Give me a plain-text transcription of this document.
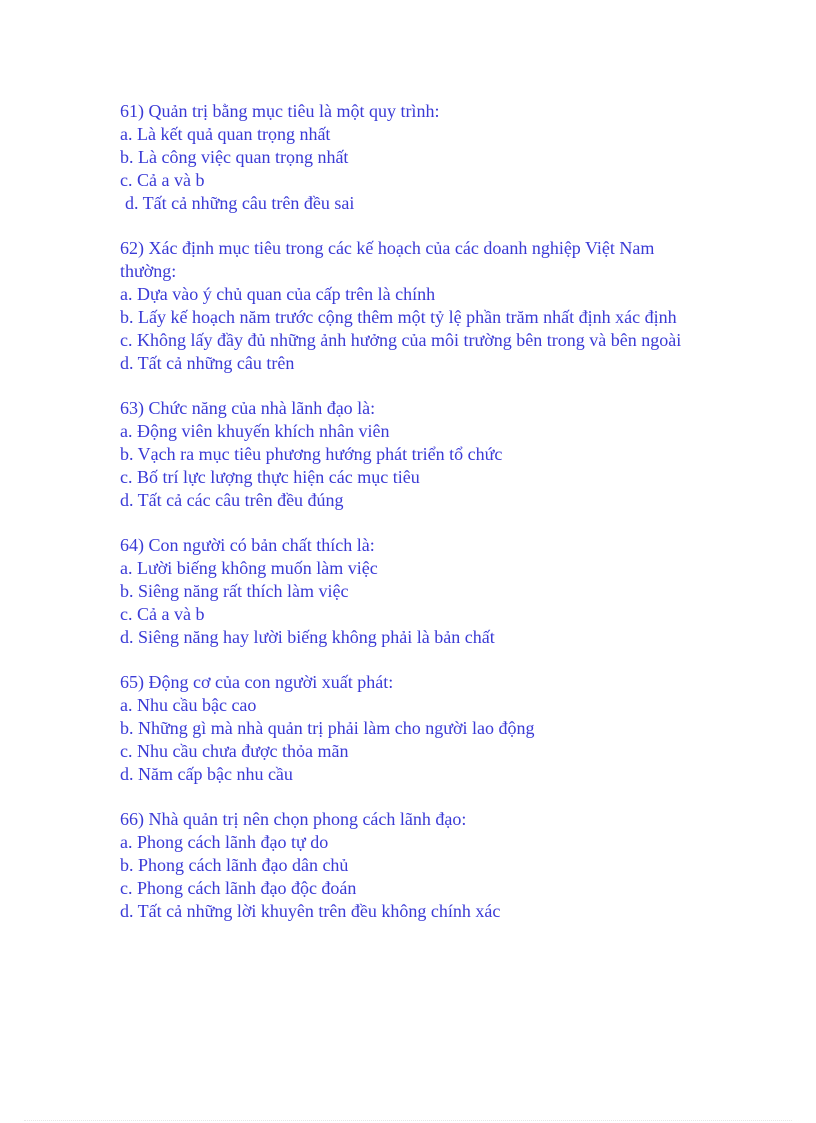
61) Quản trị bằng mục tiêu là một quy trình:

a. Là kết quả quan trọng nhất

b. Là công việc quan trọng nhất

c. Cả a và b

d. Tất cả những câu trên đều sai

62) Xác định mục tiêu trong các kế hoạch của các doanh nghiệp Việt Nam thường:

a. Dựa vào ý chủ quan của cấp trên là chính

b. Lấy kế hoạch năm trước cộng thêm một tỷ lệ phần trăm nhất định xác định

c. Không lấy đầy đủ những ảnh hưởng của môi trường bên trong và bên ngoài

d. Tất cả những câu trên

63) Chức năng của nhà lãnh đạo là:

a. Động viên khuyến khích nhân viên

b. Vạch ra mục tiêu phương hướng phát triển tổ chức

c. Bố trí lực lượng thực hiện các mục tiêu

d. Tất cả các câu trên đều đúng

64) Con người có bản chất thích là:

a. Lười biếng không muốn làm việc

b. Siêng năng rất thích làm việc

c. Cả a và b

d. Siêng năng hay lười biếng không phải là bản chất

65) Động cơ của con người xuất phát:

a. Nhu cầu bậc cao

b. Những gì mà nhà quản trị phải làm cho người lao động

c. Nhu cầu chưa được thỏa mãn

d. Năm cấp bậc nhu cầu

66) Nhà quản trị nên chọn phong cách lãnh đạo:

a. Phong cách lãnh đạo tự do

b. Phong cách lãnh đạo dân chủ

c. Phong cách lãnh đạo độc đoán

d. Tất cả những lời khuyên trên đều không chính xác
